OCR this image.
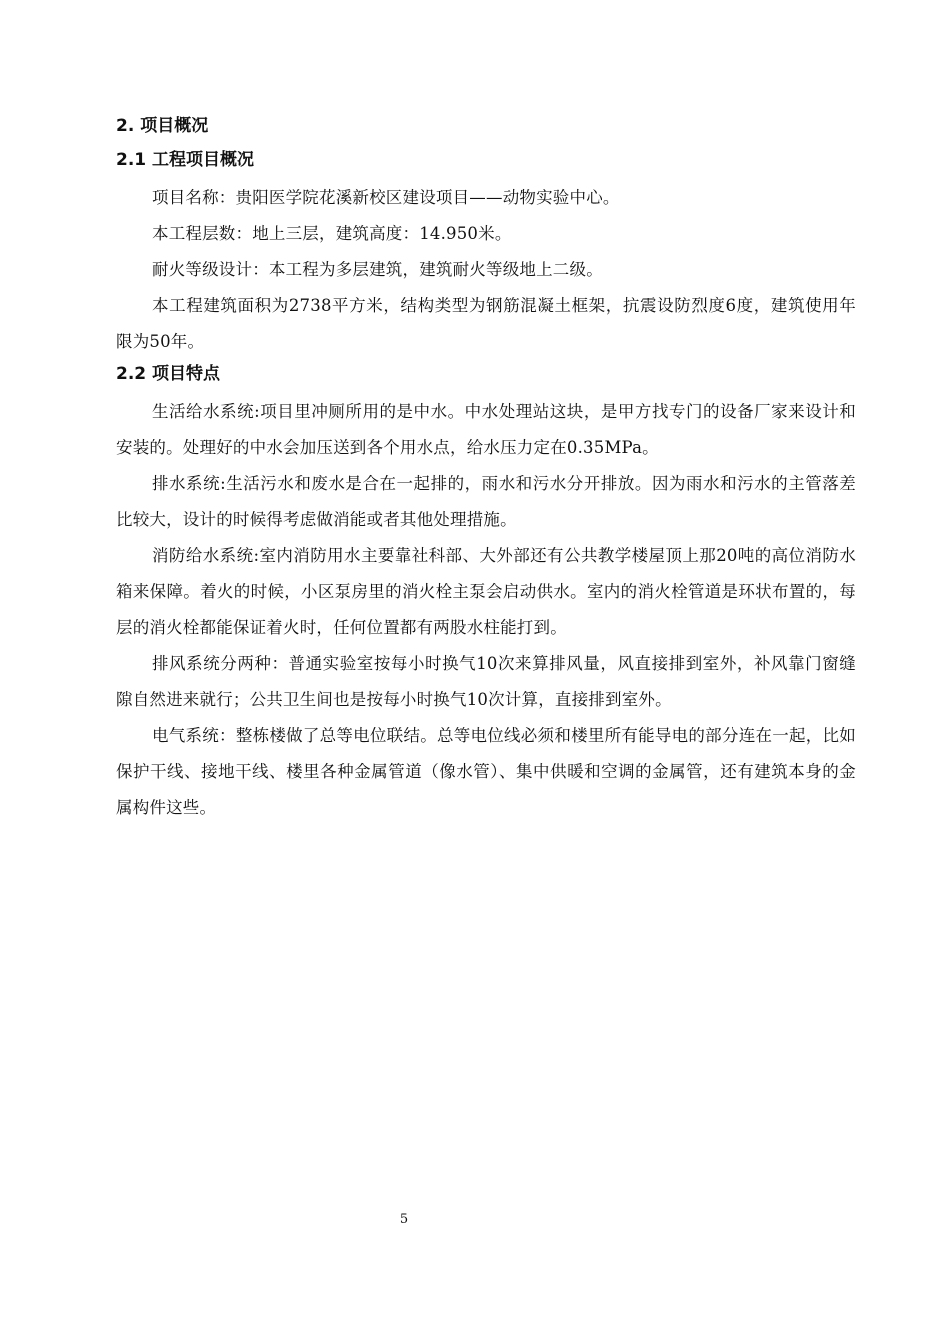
2. 项目概况
2.1 工程项目概况

项目名称：贵阳医学院花溪新校区建设项目——动物实验中心。

本工程层数：地上三层，建筑高度：14.950米。

耐火等级设计：本工程为多层建筑，建筑耐火等级地上二级。

本工程建筑面积为2738平方米，结构类型为钢筋混凝土框架，抗震设防烈度6度，建筑使用年限为50年。

2.2 项目特点

生活给水系统:项目里冲厕所用的是中水。中水处理站这块，是甲方找专门的设备厂家来设计和安装的。处理好的中水会加压送到各个用水点，给水压力定在0.35MPa。

排水系统:生活污水和废水是合在一起排的，雨水和污水分开排放。因为雨水和污水的主管落差比较大，设计的时候得考虑做消能或者其他处理措施。

消防给水系统:室内消防用水主要靠社科部、大外部还有公共教学楼屋顶上那20吨的高位消防水箱来保障。着火的时候，小区泵房里的消火栓主泵会启动供水。室内的消火栓管道是环状布置的，每层的消火栓都能保证着火时，任何位置都有两股水柱能打到。

排风系统分两种：普通实验室按每小时换气10次来算排风量，风直接排到室外，补风靠门窗缝隙自然进来就行；公共卫生间也是按每小时换气10次计算，直接排到室外。

电气系统：整栋楼做了总等电位联结。总等电位线必须和楼里所有能导电的部分连在一起，比如保护干线、接地干线、楼里各种金属管道（像水管）、集中供暖和空调的金属管，还有建筑本身的金属构件这些。

5
